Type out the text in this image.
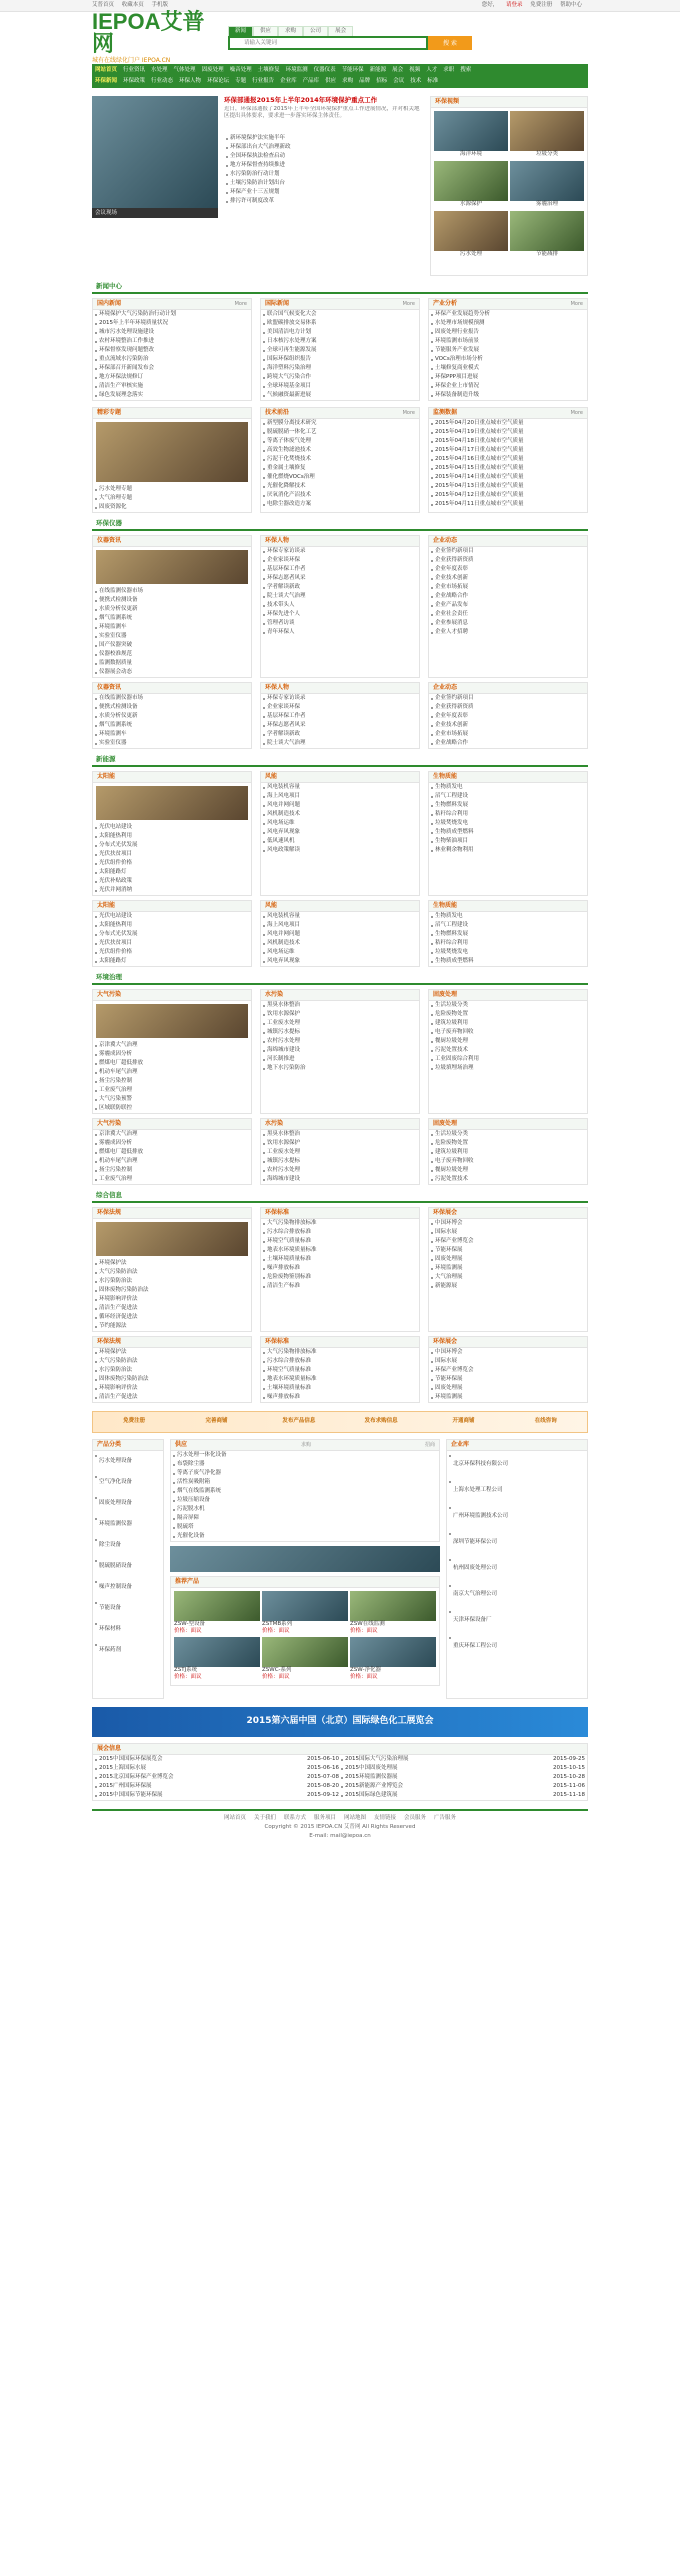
艾普首页 收藏本页 手机版	您好， 请登录 免费注册 帮助中心
IEPOA艾普网
城有在线绿化门户 IEPOA.CN
新闻	供应	求购	公司	展会
请输入关键词
搜 索
网站首页 行业资讯 水处理 气体处理 固废处理 噪音处理 土壤修复 环境监测 仪器仪表 节能环保 新能源 展会 视频 人才 求职 搜索
环保新闻 环保政策 行业动态 环保人物 环保论坛 专题 行业报告 企业库 产品库 供应 求购 品牌 招标 会议 技术 标准
会议现场
环保部通报2015年上半年2014年环境保护重点工作
近日，环保部通报了2015年上半年全国环境保护重点工作进展情况，并对相关地区提出具体要求，要求进一步落实环保主体责任。
新环境保护法实施半年
环保部出台大气治理新政
全国环保执法检查启动
地方环保督查持续推进
水污染防治行动计划
土壤污染防治计划出台
环保产业十三五规划
排污许可制度改革
环保视频
海洋环境	垃圾分类
水源保护	雾霾治理
污水处理	节能减排
新闻中心
国内新闻	More
环境保护大气污染防治行动计划
2015年上半年环境质量状况
城市污水处理设施建设
农村环境整治工作推进
环保督察发现问题整改
重点流域水污染防治
环保部召开新闻发布会
地方环保法规修订
清洁生产审核实施
绿色发展理念落实
国际新闻	More
联合国气候变化大会
欧盟碳排放交易体系
美国清洁电力计划
日本核污水处理方案
全球可再生能源发展
国际环保组织报告
海洋塑料污染治理
跨境大气污染合作
全球环境基金项目
气候融资最新进展
产业分析	More
环保产业发展趋势分析
水处理市场规模预测
固废处理行业报告
环境监测市场前景
节能服务产业发展
VOCs治理市场分析
土壤修复商业模式
环保PPP项目进展
环保企业上市情况
环保装备制造升级
精彩专题
污水处理专题
大气治理专题
固废资源化
技术前沿	More
新型膜分离技术研究
脱硫脱硝一体化工艺
等离子体废气处理
高效生物滤池技术
污泥干化焚烧技术
重金属土壤修复
催化燃烧VOCs治理
光催化降解技术
厌氧消化产沼技术
电除尘器改造方案
监测数据	More
2015年04月20日重点城市空气质量
2015年04月19日重点城市空气质量
2015年04月18日重点城市空气质量
2015年04月17日重点城市空气质量
2015年04月16日重点城市空气质量
2015年04月15日重点城市空气质量
2015年04月14日重点城市空气质量
2015年04月13日重点城市空气质量
2015年04月12日重点城市空气质量
2015年04月11日重点城市空气质量
环保仪器
仪器资讯
在线监测仪器市场
便携式检测设备
水质分析仪更新
烟气监测系统
环境监测车
实验室仪器
国产仪器突破
仪器校准规范
监测数据质量
仪器展会动态
环保人物
环保专家访谈录
企业家谈环保
基层环保工作者
环保志愿者风采
学者解读新政
院士谈大气治理
技术带头人
环保先进个人
管理者访谈
青年环保人
企业动态
企业签约新项目
企业获得新资质
企业年度表彰
企业技术创新
企业市场拓展
企业战略合作
企业产品发布
企业社会责任
企业参展消息
企业人才招聘
仪器资讯
在线监测仪器市场
便携式检测设备
水质分析仪更新
烟气监测系统
环境监测车
实验室仪器
环保人物
环保专家访谈录
企业家谈环保
基层环保工作者
环保志愿者风采
学者解读新政
院士谈大气治理
企业动态
企业签约新项目
企业获得新资质
企业年度表彰
企业技术创新
企业市场拓展
企业战略合作
新能源
太阳能
光伏电站建设
太阳能热利用
分布式光伏发展
光伏扶贫项目
光伏组件价格
太阳能路灯
光伏补贴政策
光伏并网消纳
风能
风电装机容量
海上风电项目
风电并网问题
风机制造技术
风电场运维
风电弃风现象
低风速风机
风电政策解读
生物质能
生物质发电
沼气工程建设
生物燃料发展
秸秆综合利用
垃圾焚烧发电
生物质成型燃料
生物柴油项目
林业剩余物利用
太阳能
光伏电站建设
太阳能热利用
分布式光伏发展
光伏扶贫项目
光伏组件价格
太阳能路灯
风能
风电装机容量
海上风电项目
风电并网问题
风机制造技术
风电场运维
风电弃风现象
生物质能
生物质发电
沼气工程建设
生物燃料发展
秸秆综合利用
垃圾焚烧发电
生物质成型燃料
环境治理
大气污染
京津冀大气治理
雾霾成因分析
燃煤电厂超低排放
机动车尾气治理
扬尘污染控制
工业废气治理
大气污染预警
区域联防联控
水污染
黑臭水体整治
饮用水源保护
工业废水处理
城镇污水提标
农村污水处理
海绵城市建设
河长制推进
地下水污染防治
固废处理
生活垃圾分类
危险废物处置
建筑垃圾利用
电子废弃物回收
餐厨垃圾处理
污泥处置技术
工业固废综合利用
垃圾填埋场治理
大气污染
京津冀大气治理
雾霾成因分析
燃煤电厂超低排放
机动车尾气治理
扬尘污染控制
工业废气治理
水污染
黑臭水体整治
饮用水源保护
工业废水处理
城镇污水提标
农村污水处理
海绵城市建设
固废处理
生活垃圾分类
危险废物处置
建筑垃圾利用
电子废弃物回收
餐厨垃圾处理
污泥处置技术
综合信息
环保法规
环境保护法
大气污染防治法
水污染防治法
固体废物污染防治法
环境影响评价法
清洁生产促进法
循环经济促进法
节约能源法
环保标准
大气污染物排放标准
污水综合排放标准
环境空气质量标准
地表水环境质量标准
土壤环境质量标准
噪声排放标准
危险废物鉴别标准
清洁生产标准
环保展会
中国环博会
国际水展
环保产业博览会
节能环保展
固废处理展
环境监测展
大气治理展
新能源展
环保法规
环境保护法
大气污染防治法
水污染防治法
固体废物污染防治法
环境影响评价法
清洁生产促进法
环保标准
大气污染物排放标准
污水综合排放标准
环境空气质量标准
地表水环境质量标准
土壤环境质量标准
噪声排放标准
环保展会
中国环博会
国际水展
环保产业博览会
节能环保展
固废处理展
环境监测展
免费注册	完善商铺	发布产品信息	发布求购信息	开通商铺	在线咨询
产品分类
污水处理设备
空气净化设备
固废处理设备
环境监测仪器
除尘设备
脱硫脱硝设备
噪声控制设备
节能设备
环保材料
环保药剂
供应	求购	招商
污水处理一体化设备
布袋除尘器
等离子废气净化器
活性炭吸附箱
烟气在线监测系统
垃圾压缩设备
污泥脱水机
隔音屏障
脱硫塔
光催化设备
推荐产品
ZSW-型设备
价格：面议
ZSTMB系列
价格：面议
ZSW在线监测
价格：面议
ZSTJ系统
价格：面议
ZSWC-系列
价格：面议
ZSW-净化器
价格：面议
企业库
北京环保科技有限公司
上海水处理工程公司
广州环境监测技术公司
深圳节能环保公司
杭州固废处理公司
南京大气治理公司
天津环保设备厂
重庆环保工程公司
2015第六届中国（北京）国际绿色化工展览会
展会信息
2015中国国际环保展览会	2015-06-10
2015上海国际水展	2015-06-16
2015北京国际环保产业博览会	2015-07-08
2015广州国际环保展	2015-08-20
2015中国国际节能环保展	2015-09-12
2015国际大气污染治理展	2015-09-25
2015中国固废处理展	2015-10-15
2015环境监测仪器展	2015-10-28
2015新能源产业博览会	2015-11-06
2015国际绿色建筑展	2015-11-18
网站首页 关于我们 联系方式 服务项目 网站地图 友情链接 会员服务 广告服务
Copyright © 2015 IEPOA.CN 艾普网 All Rights Reserved
E-mail: mail@iepoa.cn
